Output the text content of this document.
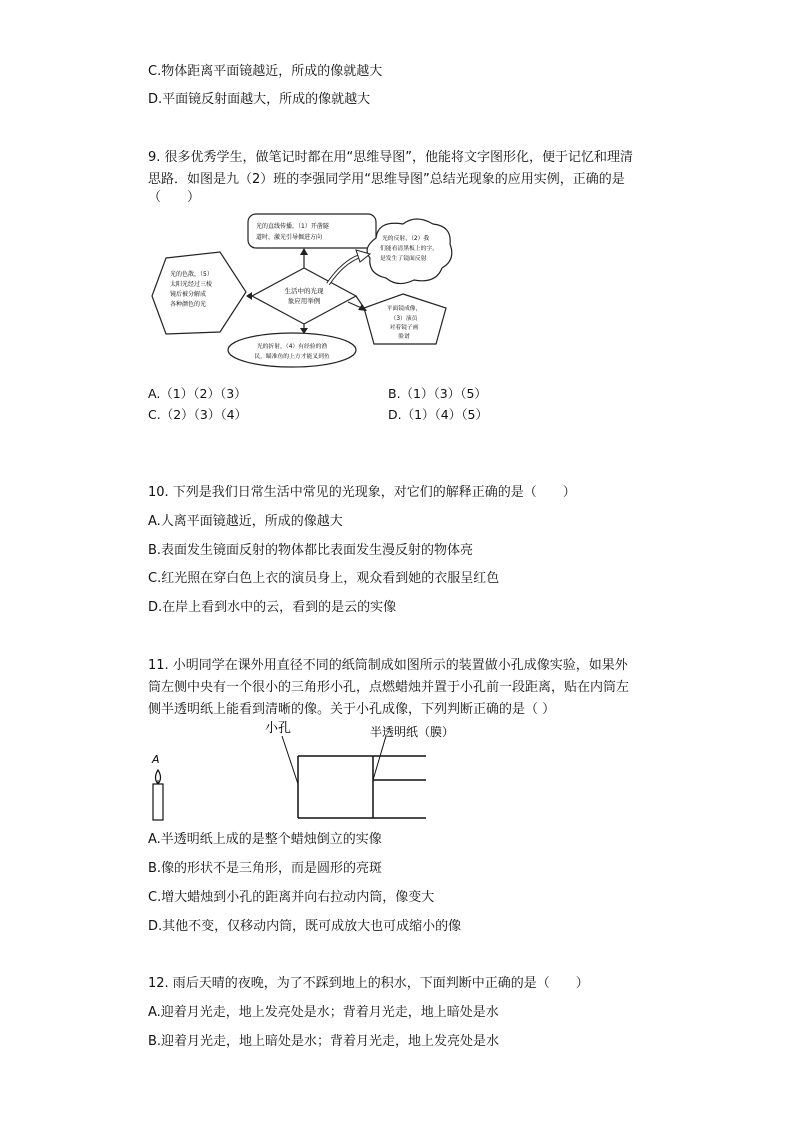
C.物体距离平面镜越近，所成的像就越大
D.平面镜反射面越大，所成的像就越大
9. 很多优秀学生，做笔记时都在用“思维导图”，他能将文字图形化，便于记忆和理清
思路．如图是九（2）班的李强同学用“思维导图”总结光现象的应用实例，正确的是
（　　）
生活中的光现
象应用举例
光的直线传播，（1）开凿隧
道时，激光引导掘进方向	光的反射，（2）我
们能看清黑板上的字，
是发生了镜面反射
光的色散，（5）
太阳光经过三棱
镜后被分解成
各种颜色的光
平面镜成像，
（3）演员
对着镜子画
脸谱
光的折射，（4）有经验的渔
民，瞄准鱼的上方才能叉到鱼
A.（1）（2）（3）	B.（1）（3）（5）
C.（2）（3）（4）	D.（1）（4）（5）
10. 下列是我们日常生活中常见的光现象，对它们的解释正确的是（　　）
A.人离平面镜越近，所成的像越大
B.表面发生镜面反射的物体都比表面发生漫反射的物体亮
C.红光照在穿白色上衣的演员身上，观众看到她的衣服呈红色
D.在岸上看到水中的云，看到的是云的实像
11. 小明同学在课外用直径不同的纸筒制成如图所示的装置做小孔成像实验，如果外
筒左侧中央有一个很小的三角形小孔，点燃蜡烛并置于小孔前一段距离，贴在内筒左
侧半透明纸上能看到清晰的像。关于小孔成像，下列判断正确的是（ ）
A
小孔	半透明纸（膜）
A.半透明纸上成的是整个蜡烛倒立的实像
B.像的形状不是三角形，而是圆形的亮斑
C.增大蜡烛到小孔的距离并向右拉动内筒，像变大
D.其他不变，仅移动内筒，既可成放大也可成缩小的像
12. 雨后天晴的夜晚，为了不踩到地上的积水，下面判断中正确的是（　　）
A.迎着月光走，地上发亮处是水；背着月光走，地上暗处是水
B.迎着月光走，地上暗处是水；背着月光走，地上发亮处是水
